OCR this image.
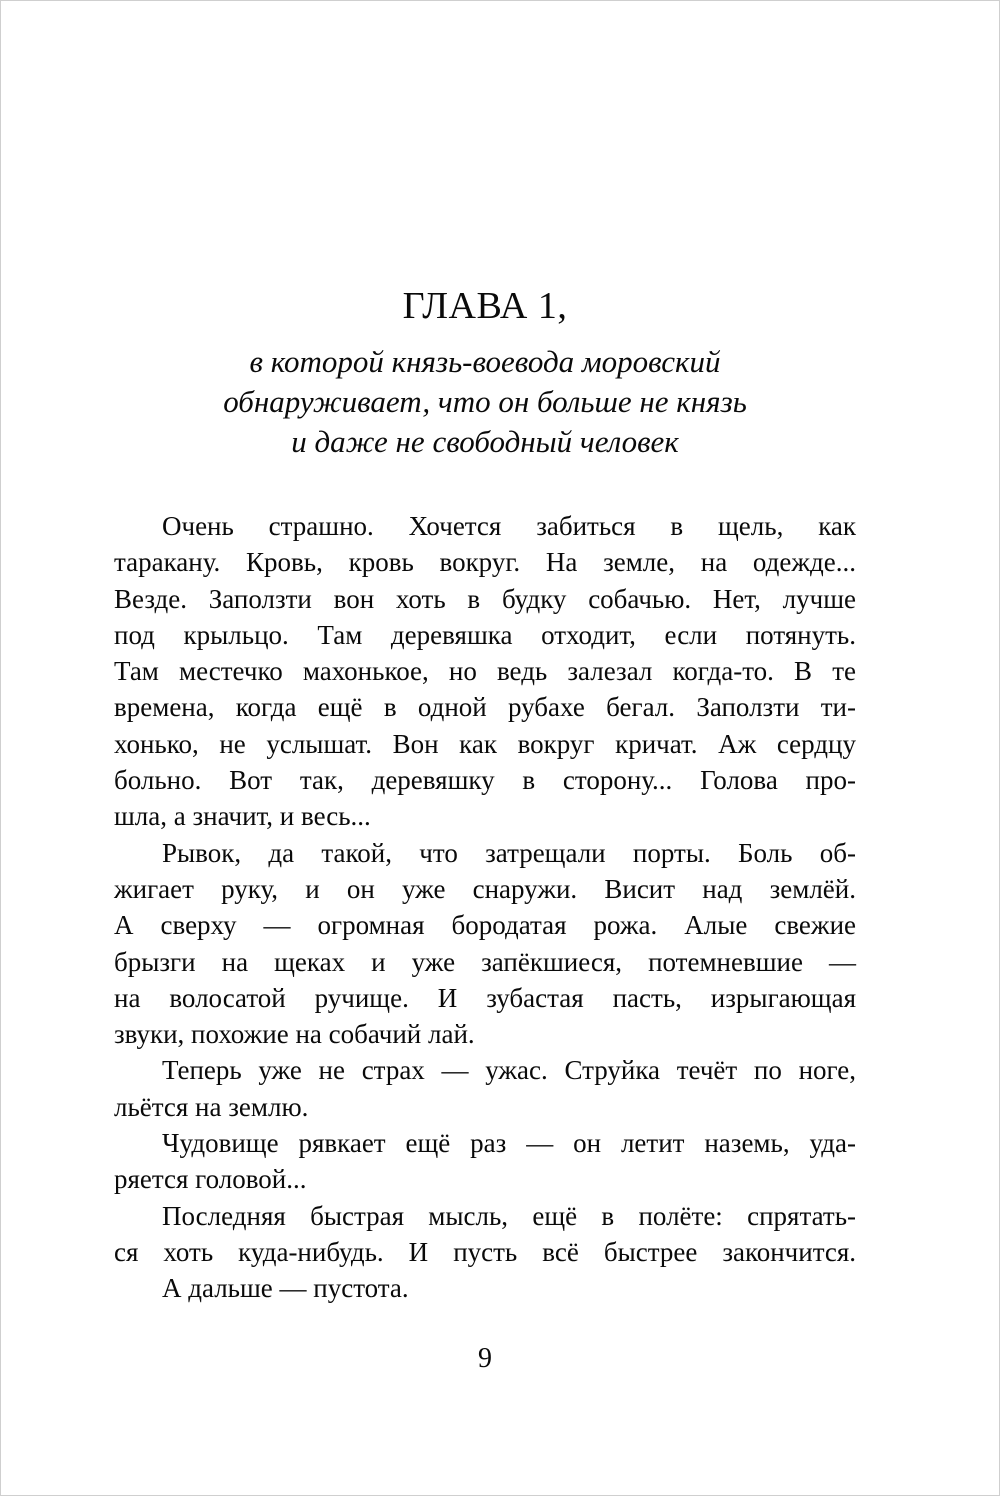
ГЛАВА 1,
в которой князь-воевода моровский
обнаруживает, что он больше не князь
и даже не свободный человек
Очень страшно. Хочется забиться в щель, как
таракану. Кровь, кровь вокруг. На земле, на одежде...
Везде. Заползти вон хоть в будку собачью. Нет, лучше
под крыльцо. Там деревяшка отходит, если потянуть.
Там местечко махонькое, но ведь залезал когда-то. В те
времена, когда ещё в одной рубахе бегал. Заползти ти-
хонько, не услышат. Вон как вокруг кричат. Аж сердцу
больно. Вот так, деревяшку в сторону... Голова про-
шла, а значит, и весь...
Рывок, да такой, что затрещали порты. Боль об-
жигает руку, и он уже снаружи. Висит над землёй.
А сверху — огромная бородатая рожа. Алые свежие
брызги на щеках и уже запёкшиеся, потемневшие —
на волосатой ручище. И зубастая пасть, изрыгающая
звуки, похожие на собачий лай.
Теперь уже не страх — ужас. Струйка течёт по ноге,
льётся на землю.
Чудовище рявкает ещё раз — он летит наземь, уда-
ряется головой...
Последняя быстрая мысль, ещё в полёте: спрятать-
ся хоть куда-нибудь. И пусть всё быстрее закончится.
А дальше — пустота.
9
